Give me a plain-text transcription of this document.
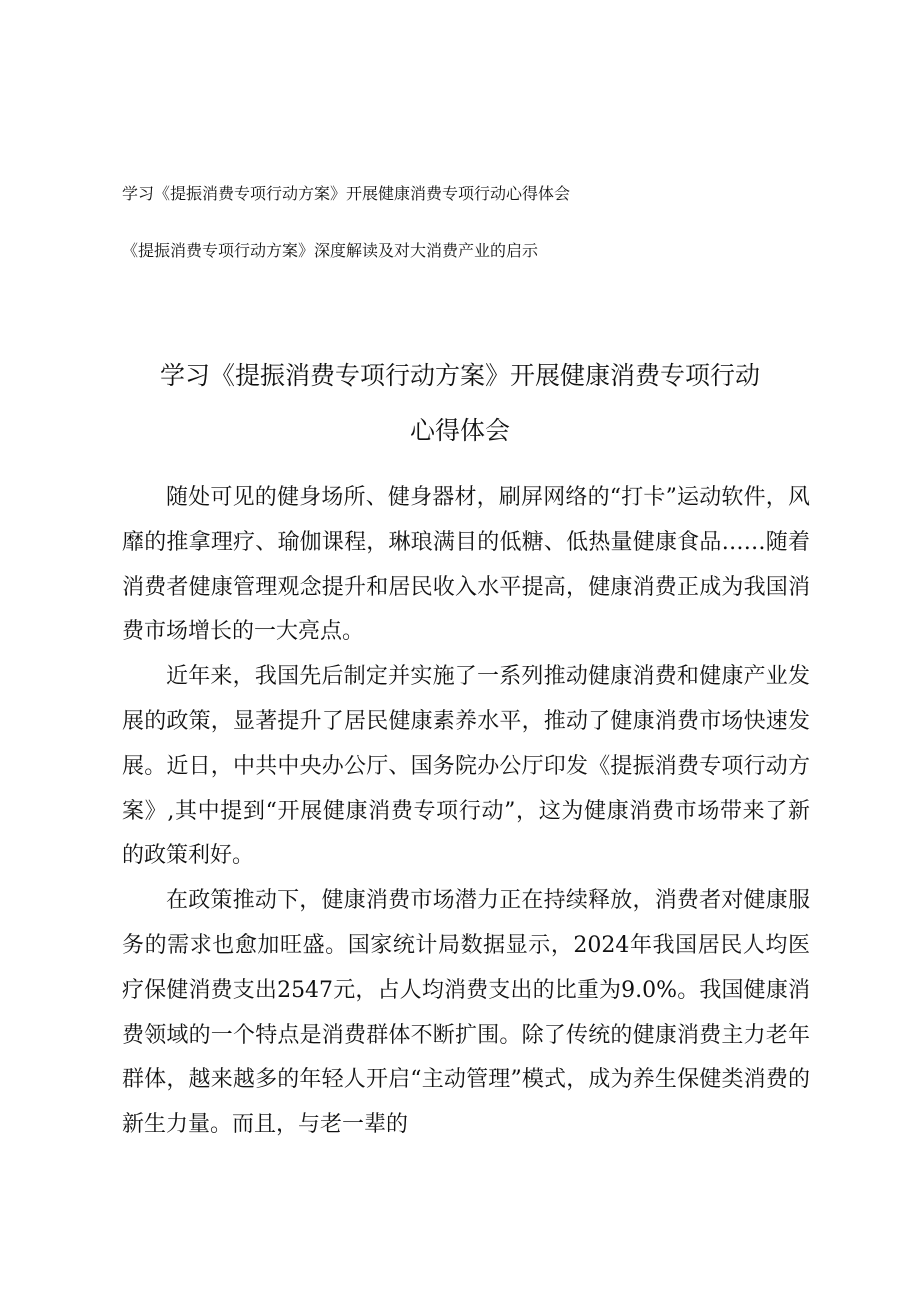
学习《提振消费专项行动方案》开展健康消费专项行动心得体会

《提振消费专项行动方案》深度解读及对大消费产业的启示

学习《提振消费专项行动方案》开展健康消费专项行动
心得体会

随处可见的健身场所、健身器材，刷屏网络的“打卡”运动软件，风靡的推拿理疗、瑜伽课程，琳琅满目的低糖、低热量健康食品……随着消费者健康管理观念提升和居民收入水平提高，健康消费正成为我国消费市场增长的一大亮点。

近年来，我国先后制定并实施了一系列推动健康消费和健康产业发展的政策，显著提升了居民健康素养水平，推动了健康消费市场快速发展。近日，中共中央办公厅、国务院办公厅印发《提振消费专项行动方案》,其中提到“开展健康消费专项行动”，这为健康消费市场带来了新的政策利好。

在政策推动下，健康消费市场潜力正在持续释放，消费者对健康服务的需求也愈加旺盛。国家统计局数据显示，2024年我国居民人均医疗保健消费支出2547元，占人均消费支出的比重为9.0%。我国健康消费领域的一个特点是消费群体不断扩围。除了传统的健康消费主力老年群体，越来越多的年轻人开启“主动管理”模式，成为养生保健类消费的新生力量。而且，与老一辈的
